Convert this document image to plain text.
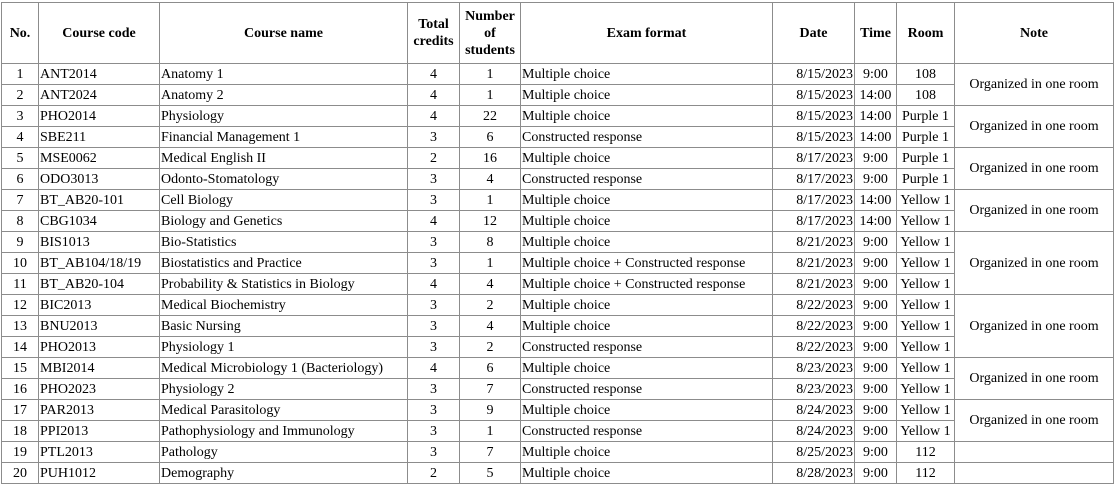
No.	Course code	Course name	Total credits	Number of students	Exam format	Date	Time	Room	Note
1	ANT2014	Anatomy 1	4	1	Multiple choice	8/15/2023	9:00	108	Organized in one room
2	ANT2024	Anatomy 2	4	1	Multiple choice	8/15/2023	14:00	108	
3	PHO2014	Physiology	4	22	Multiple choice	8/15/2023	14:00	Purple 1	Organized in one room
4	SBE211	Financial Management 1	3	6	Constructed response	8/15/2023	14:00	Purple 1	
5	MSE0062	Medical English II	2	16	Multiple choice	8/17/2023	9:00	Purple 1	Organized in one room
6	ODO3013	Odonto-Stomatology	3	4	Constructed response	8/17/2023	9:00	Purple 1	
7	BT_AB20-101	Cell Biology	3	1	Multiple choice	8/17/2023	14:00	Yellow 1	Organized in one room
8	CBG1034	Biology and Genetics	4	12	Multiple choice	8/17/2023	14:00	Yellow 1	
9	BIS1013	Bio-Statistics	3	8	Multiple choice	8/21/2023	9:00	Yellow 1	Organized in one room
10	BT_AB104/18/19	Biostatistics and Practice	3	1	Multiple choice + Constructed response	8/21/2023	9:00	Yellow 1	
11	BT_AB20-104	Probability & Statistics in Biology	4	4	Multiple choice + Constructed response	8/21/2023	9:00	Yellow 1	
12	BIC2013	Medical Biochemistry	3	2	Multiple choice	8/22/2023	9:00	Yellow 1	Organized in one room
13	BNU2013	Basic Nursing	3	4	Multiple choice	8/22/2023	9:00	Yellow 1	
14	PHO2013	Physiology 1	3	2	Constructed response	8/22/2023	9:00	Yellow 1	
15	MBI2014	Medical Microbiology 1 (Bacteriology)	4	6	Multiple choice	8/23/2023	9:00	Yellow 1	Organized in one room
16	PHO2023	Physiology 2	3	7	Constructed response	8/23/2023	9:00	Yellow 1	
17	PAR2013	Medical Parasitology	3	9	Multiple choice	8/24/2023	9:00	Yellow 1	Organized in one room
18	PPI2013	Pathophysiology and Immunology	3	1	Constructed response	8/24/2023	9:00	Yellow 1	
19	PTL2013	Pathology	3	7	Multiple choice	8/25/2023	9:00	112	
20	PUH1012	Demography	2	5	Multiple choice	8/28/2023	9:00	112	
